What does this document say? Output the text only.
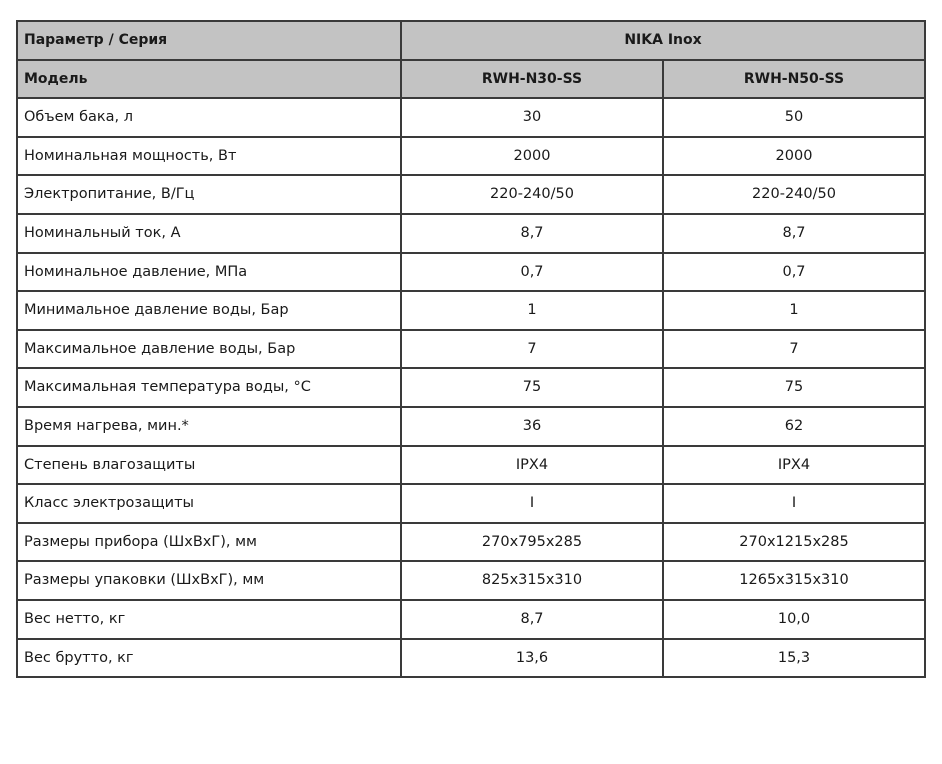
Параметр / Серия	NIKA Inox	
Модель	RWH-N30-SS	RWH-N50-SS
Объем бака, л	30	50
Номинальная мощность, Вт	2000	2000
Электропитание, В/Гц	220-240/50	220-240/50
Номинальный ток, А	8,7	8,7
Номинальное давление, МПа	0,7	0,7
Минимальное давление воды, Бар	1	1
Максимальное давление воды, Бар	7	7
Максимальная температура воды, °С	75	75
Время нагрева, мин.*	36	62
Степень влагозащиты	IPX4	IPX4
Класс электрозащиты	I	I
Размеры прибора (ШхВхГ), мм	270x795x285	270x1215x285
Размеры упаковки (ШхВхГ), мм	825x315x310	1265x315x310
Вес нетто, кг	8,7	10,0
Вес брутто, кг	13,6	15,3
